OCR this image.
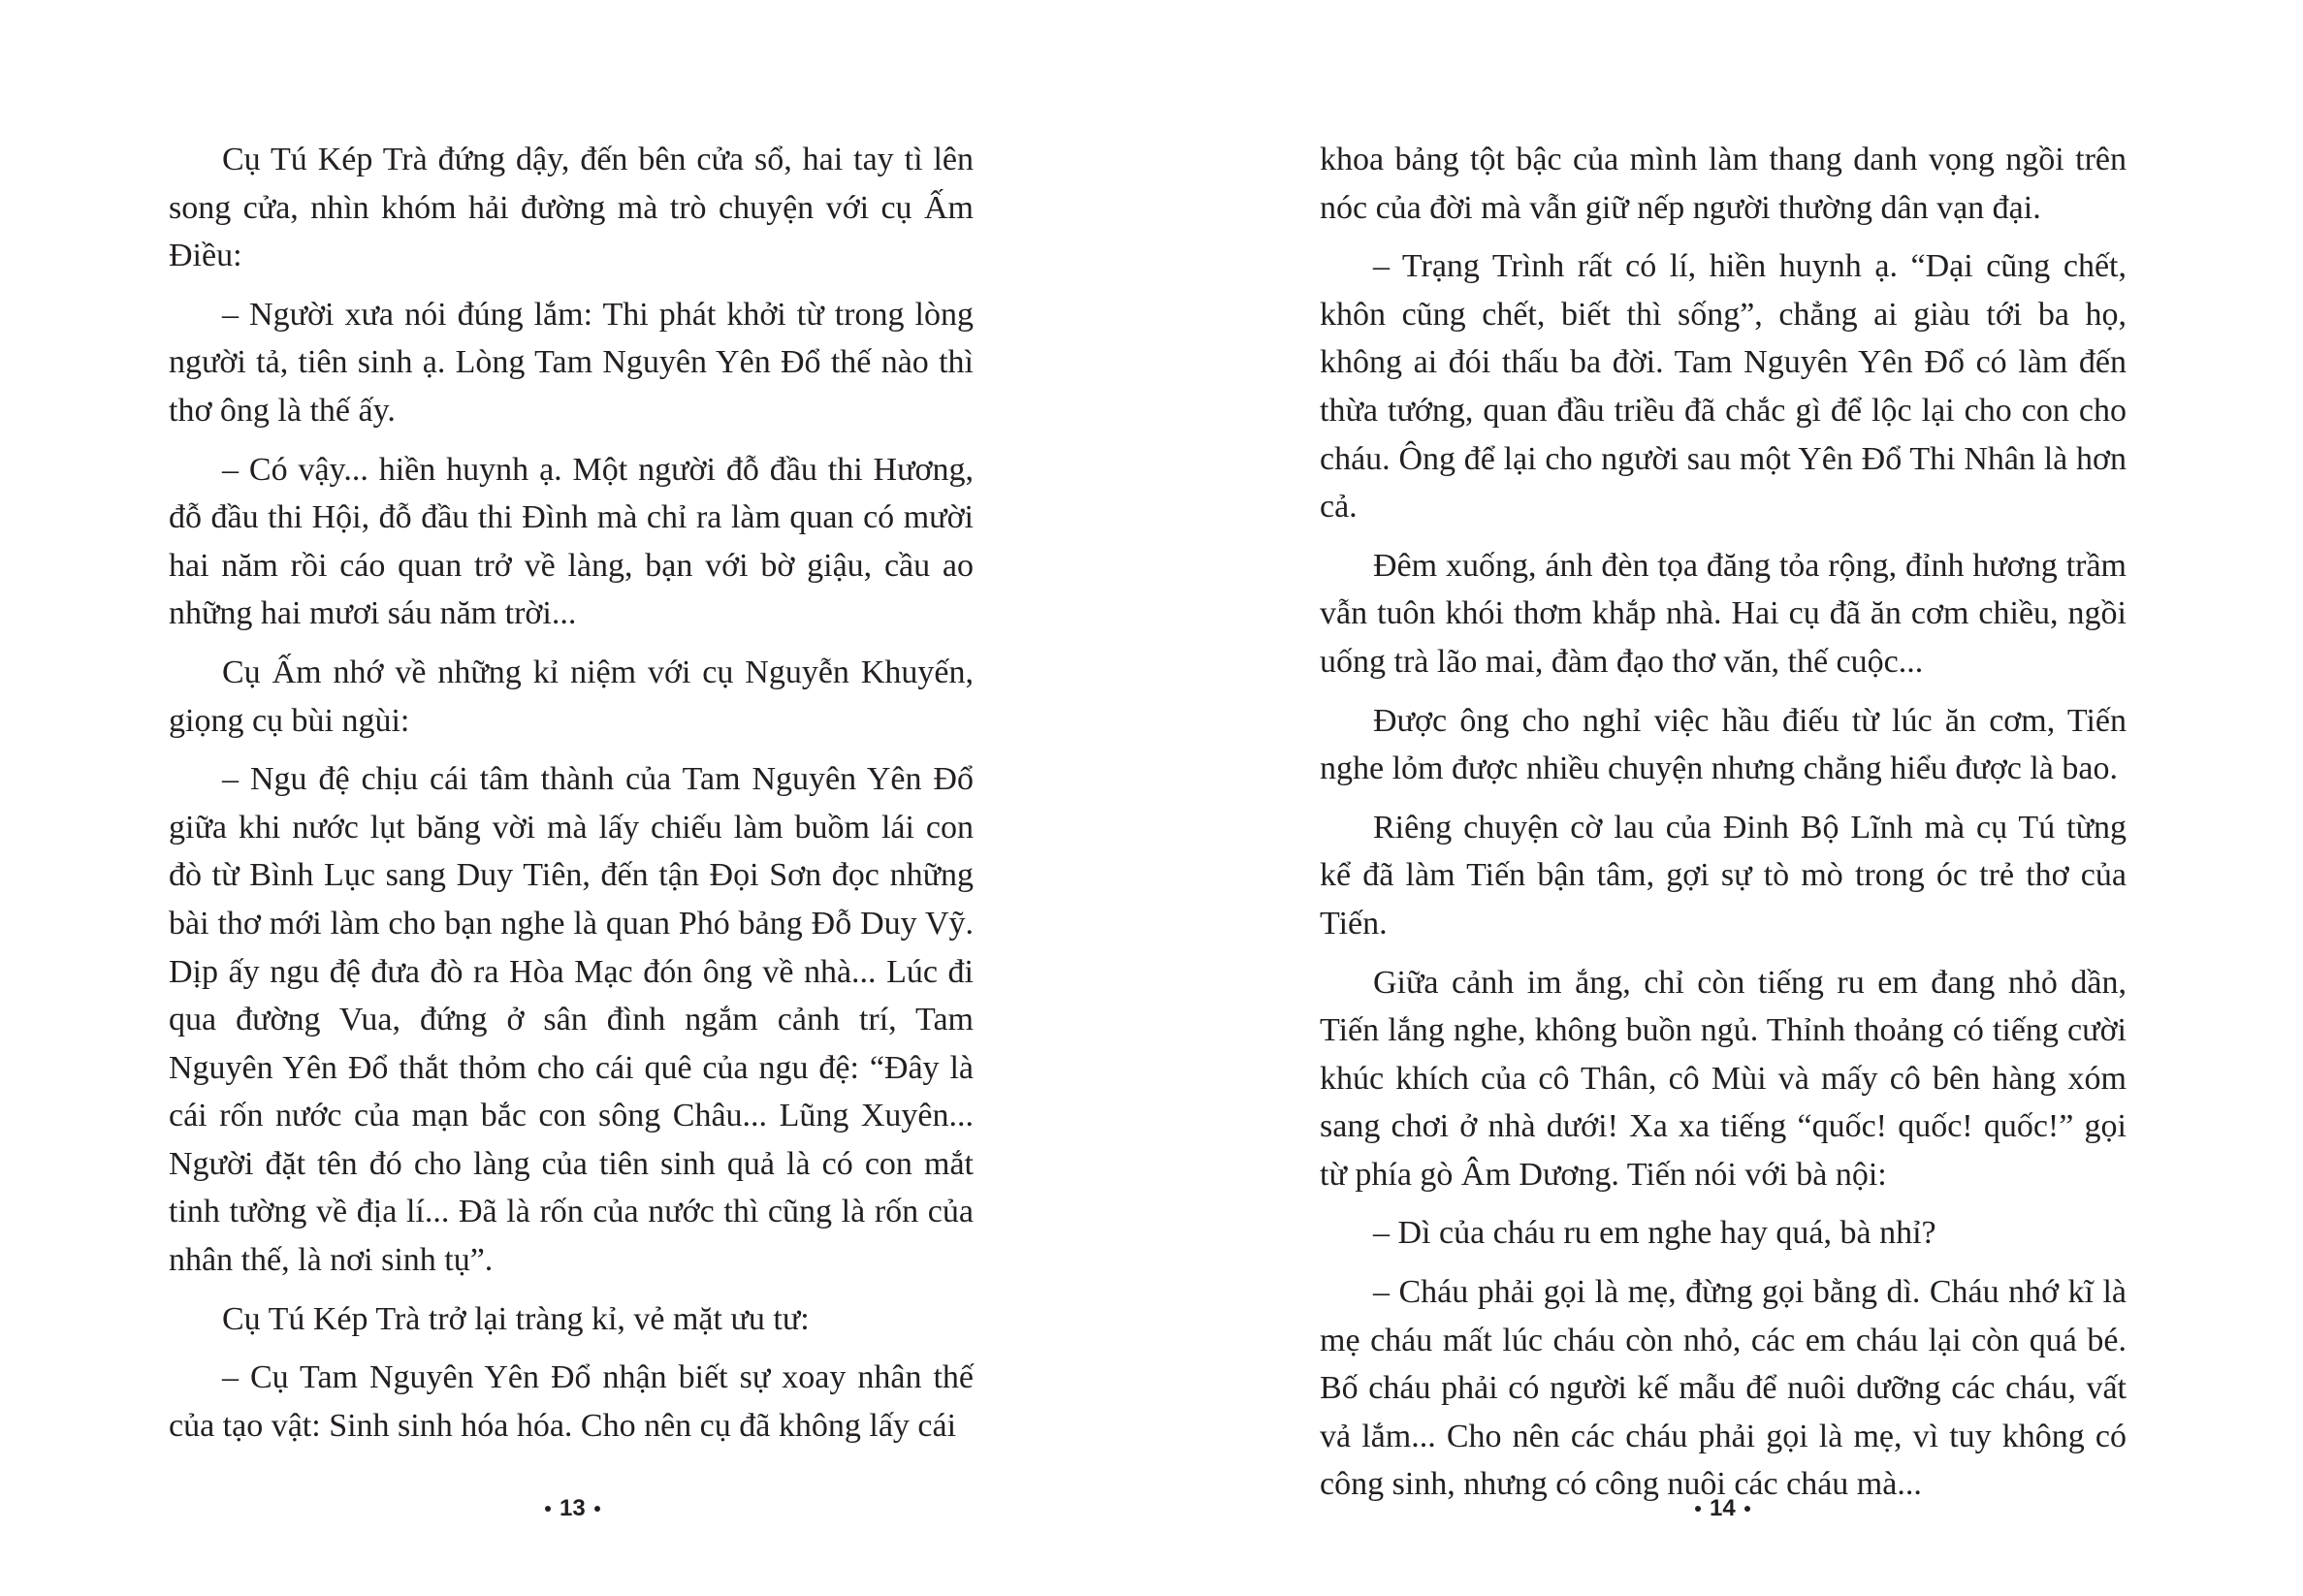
Cụ Tú Kép Trà đứng dậy, đến bên cửa sổ, hai tay tì lên song cửa, nhìn khóm hải đường mà trò chuyện với cụ Ấm Điều:

– Người xưa nói đúng lắm: Thi phát khởi từ trong lòng người tả, tiên sinh ạ. Lòng Tam Nguyên Yên Đổ thế nào thì thơ ông là thế ấy.

– Có vậy... hiền huynh ạ. Một người đỗ đầu thi Hương, đỗ đầu thi Hội, đỗ đầu thi Đình mà chỉ ra làm quan có mười hai năm rồi cáo quan trở về làng, bạn với bờ giậu, cầu ao những hai mươi sáu năm trời...

Cụ Ấm nhớ về những kỉ niệm với cụ Nguyễn Khuyến, giọng cụ bùi ngùi:

– Ngu đệ chịu cái tâm thành của Tam Nguyên Yên Đổ giữa khi nước lụt băng vời mà lấy chiếu làm buồm lái con đò từ Bình Lục sang Duy Tiên, đến tận Đọi Sơn đọc những bài thơ mới làm cho bạn nghe là quan Phó bảng Đỗ Duy Vỹ. Dịp ấy ngu đệ đưa đò ra Hòa Mạc đón ông về nhà... Lúc đi qua đường Vua, đứng ở sân đình ngắm cảnh trí, Tam Nguyên Yên Đổ thắt thỏm cho cái quê của ngu đệ: “Đây là cái rốn nước của mạn bắc con sông Châu... Lũng Xuyên... Người đặt tên đó cho làng của tiên sinh quả là có con mắt tinh tường về địa lí... Đã là rốn của nước thì cũng là rốn của nhân thế, là nơi sinh tụ”.

Cụ Tú Kép Trà trở lại tràng kỉ, vẻ mặt ưu tư:

– Cụ Tam Nguyên Yên Đổ nhận biết sự xoay nhân thế của tạo vật: Sinh sinh hóa hóa. Cho nên cụ đã không lấy cái

13

khoa bảng tột bậc của mình làm thang danh vọng ngồi trên nóc của đời mà vẫn giữ nếp người thường dân vạn đại.

– Trạng Trình rất có lí, hiền huynh ạ. “Dại cũng chết, khôn cũng chết, biết thì sống”, chẳng ai giàu tới ba họ, không ai đói thấu ba đời. Tam Nguyên Yên Đổ có làm đến thừa tướng, quan đầu triều đã chắc gì để lộc lại cho con cho cháu. Ông để lại cho người sau một Yên Đổ Thi Nhân là hơn cả.

Đêm xuống, ánh đèn tọa đăng tỏa rộng, đỉnh hương trầm vẫn tuôn khói thơm khắp nhà. Hai cụ đã ăn cơm chiều, ngồi uống trà lão mai, đàm đạo thơ văn, thế cuộc...

Được ông cho nghỉ việc hầu điếu từ lúc ăn cơm, Tiến nghe lỏm được nhiều chuyện nhưng chẳng hiểu được là bao.

Riêng chuyện cờ lau của Đinh Bộ Lĩnh mà cụ Tú từng kể đã làm Tiến bận tâm, gợi sự tò mò trong óc trẻ thơ của Tiến.

Giữa cảnh im ắng, chỉ còn tiếng ru em đang nhỏ dần, Tiến lắng nghe, không buồn ngủ. Thỉnh thoảng có tiếng cười khúc khích của cô Thân, cô Mùi và mấy cô bên hàng xóm sang chơi ở nhà dưới! Xa xa tiếng “quốc! quốc! quốc!” gọi từ phía gò Âm Dương. Tiến nói với bà nội:

– Dì của cháu ru em nghe hay quá, bà nhỉ?

– Cháu phải gọi là mẹ, đừng gọi bằng dì. Cháu nhớ kĩ là mẹ cháu mất lúc cháu còn nhỏ, các em cháu lại còn quá bé. Bố cháu phải có người kế mẫu để nuôi dưỡng các cháu, vất vả lắm... Cho nên các cháu phải gọi là mẹ, vì tuy không có công sinh, nhưng có công nuôi các cháu mà...

14
